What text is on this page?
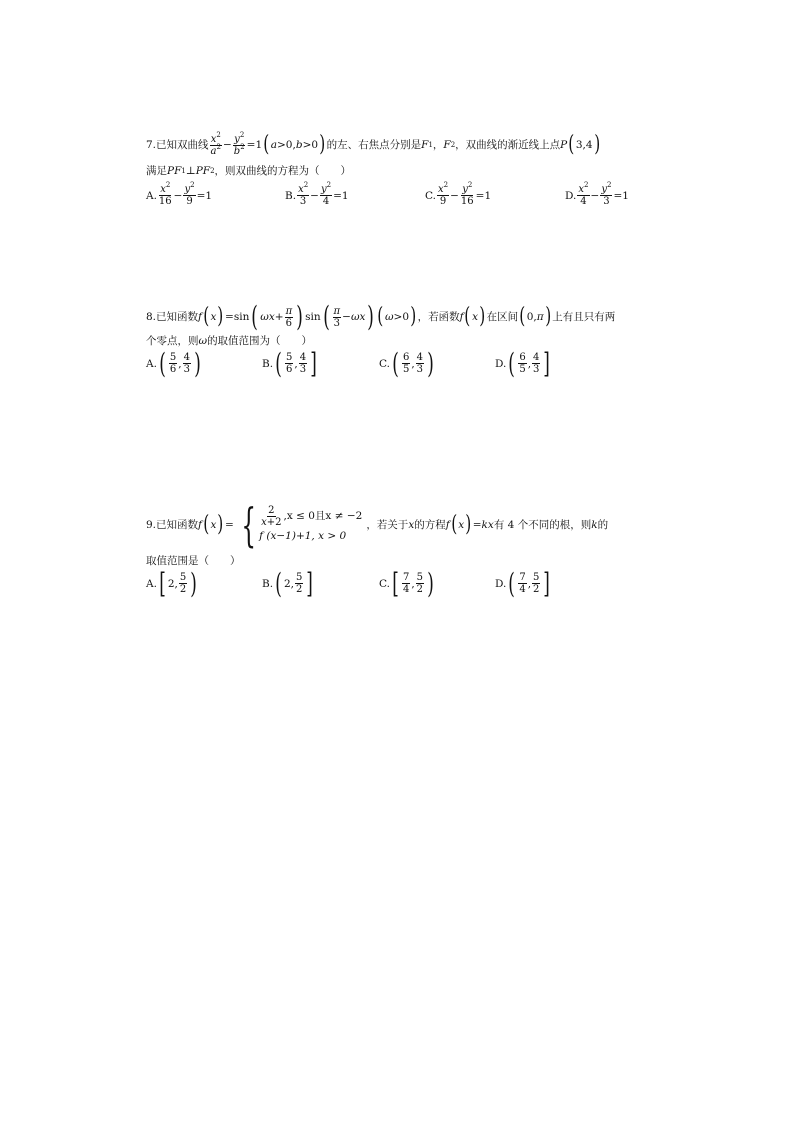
7. 已知双曲线 $\frac{x^2}{a^2} - \frac{y^2}{b^2} =1$ ( a >0, b >0 ) 的左、右焦点分别是 F 1 ， F 2 ，双曲线的渐近线上点 P ( 3,4 )
满足 PF 1 ⊥ PF 2 ，则双曲线的方程为（　　）
A. $\frac{x^2}{16} - \frac{y^2}{9} =1$	B. $\frac{x^2}{3} - \frac{y^2}{4} =1$	C. $\frac{x^2}{9} - \frac{y^2}{16} =1$	D. $\frac{x^2}{4} - \frac{y^2}{3} =1$
8. 已知函数 f ( x ) =sin ( $\omega x + \frac{\pi}{6}$ ) sin ( $\frac{\pi}{3} - \omega x$ ) ( ω >0 ) ，若函数 f ( x ) 在区间 ( 0, π ) 上有且只有两
个零点，则 ω 的取值范围为（　　）
A. ( $\frac{5}{6}$ , $\frac{4}{3}$ )	B. ( $\frac{5}{6}$ , $\frac{4}{3}$ ]	C. ( $\frac{6}{5}$ , $\frac{4}{3}$ )	D. ( $\frac{6}{5}$ , $\frac{4}{3}$ ]
9. 已知函数 f ( x ) = { $\frac{2}{x+2} ,x \le 0$且x ≠ −2
f (x−1)+1, x > 0
，若关于 x 的方程 f ( x ) = kx 有 4 个不同的根，则 k 的
取值范围是（　　）
A. [ 2, $\frac{5}{2}$ )	B. ( 2, $\frac{5}{2}$ ]	C. [ $\frac{7}{4}$ , $\frac{5}{2}$ )	D. ( $\frac{7}{4}$ , $\frac{5}{2}$ ]
